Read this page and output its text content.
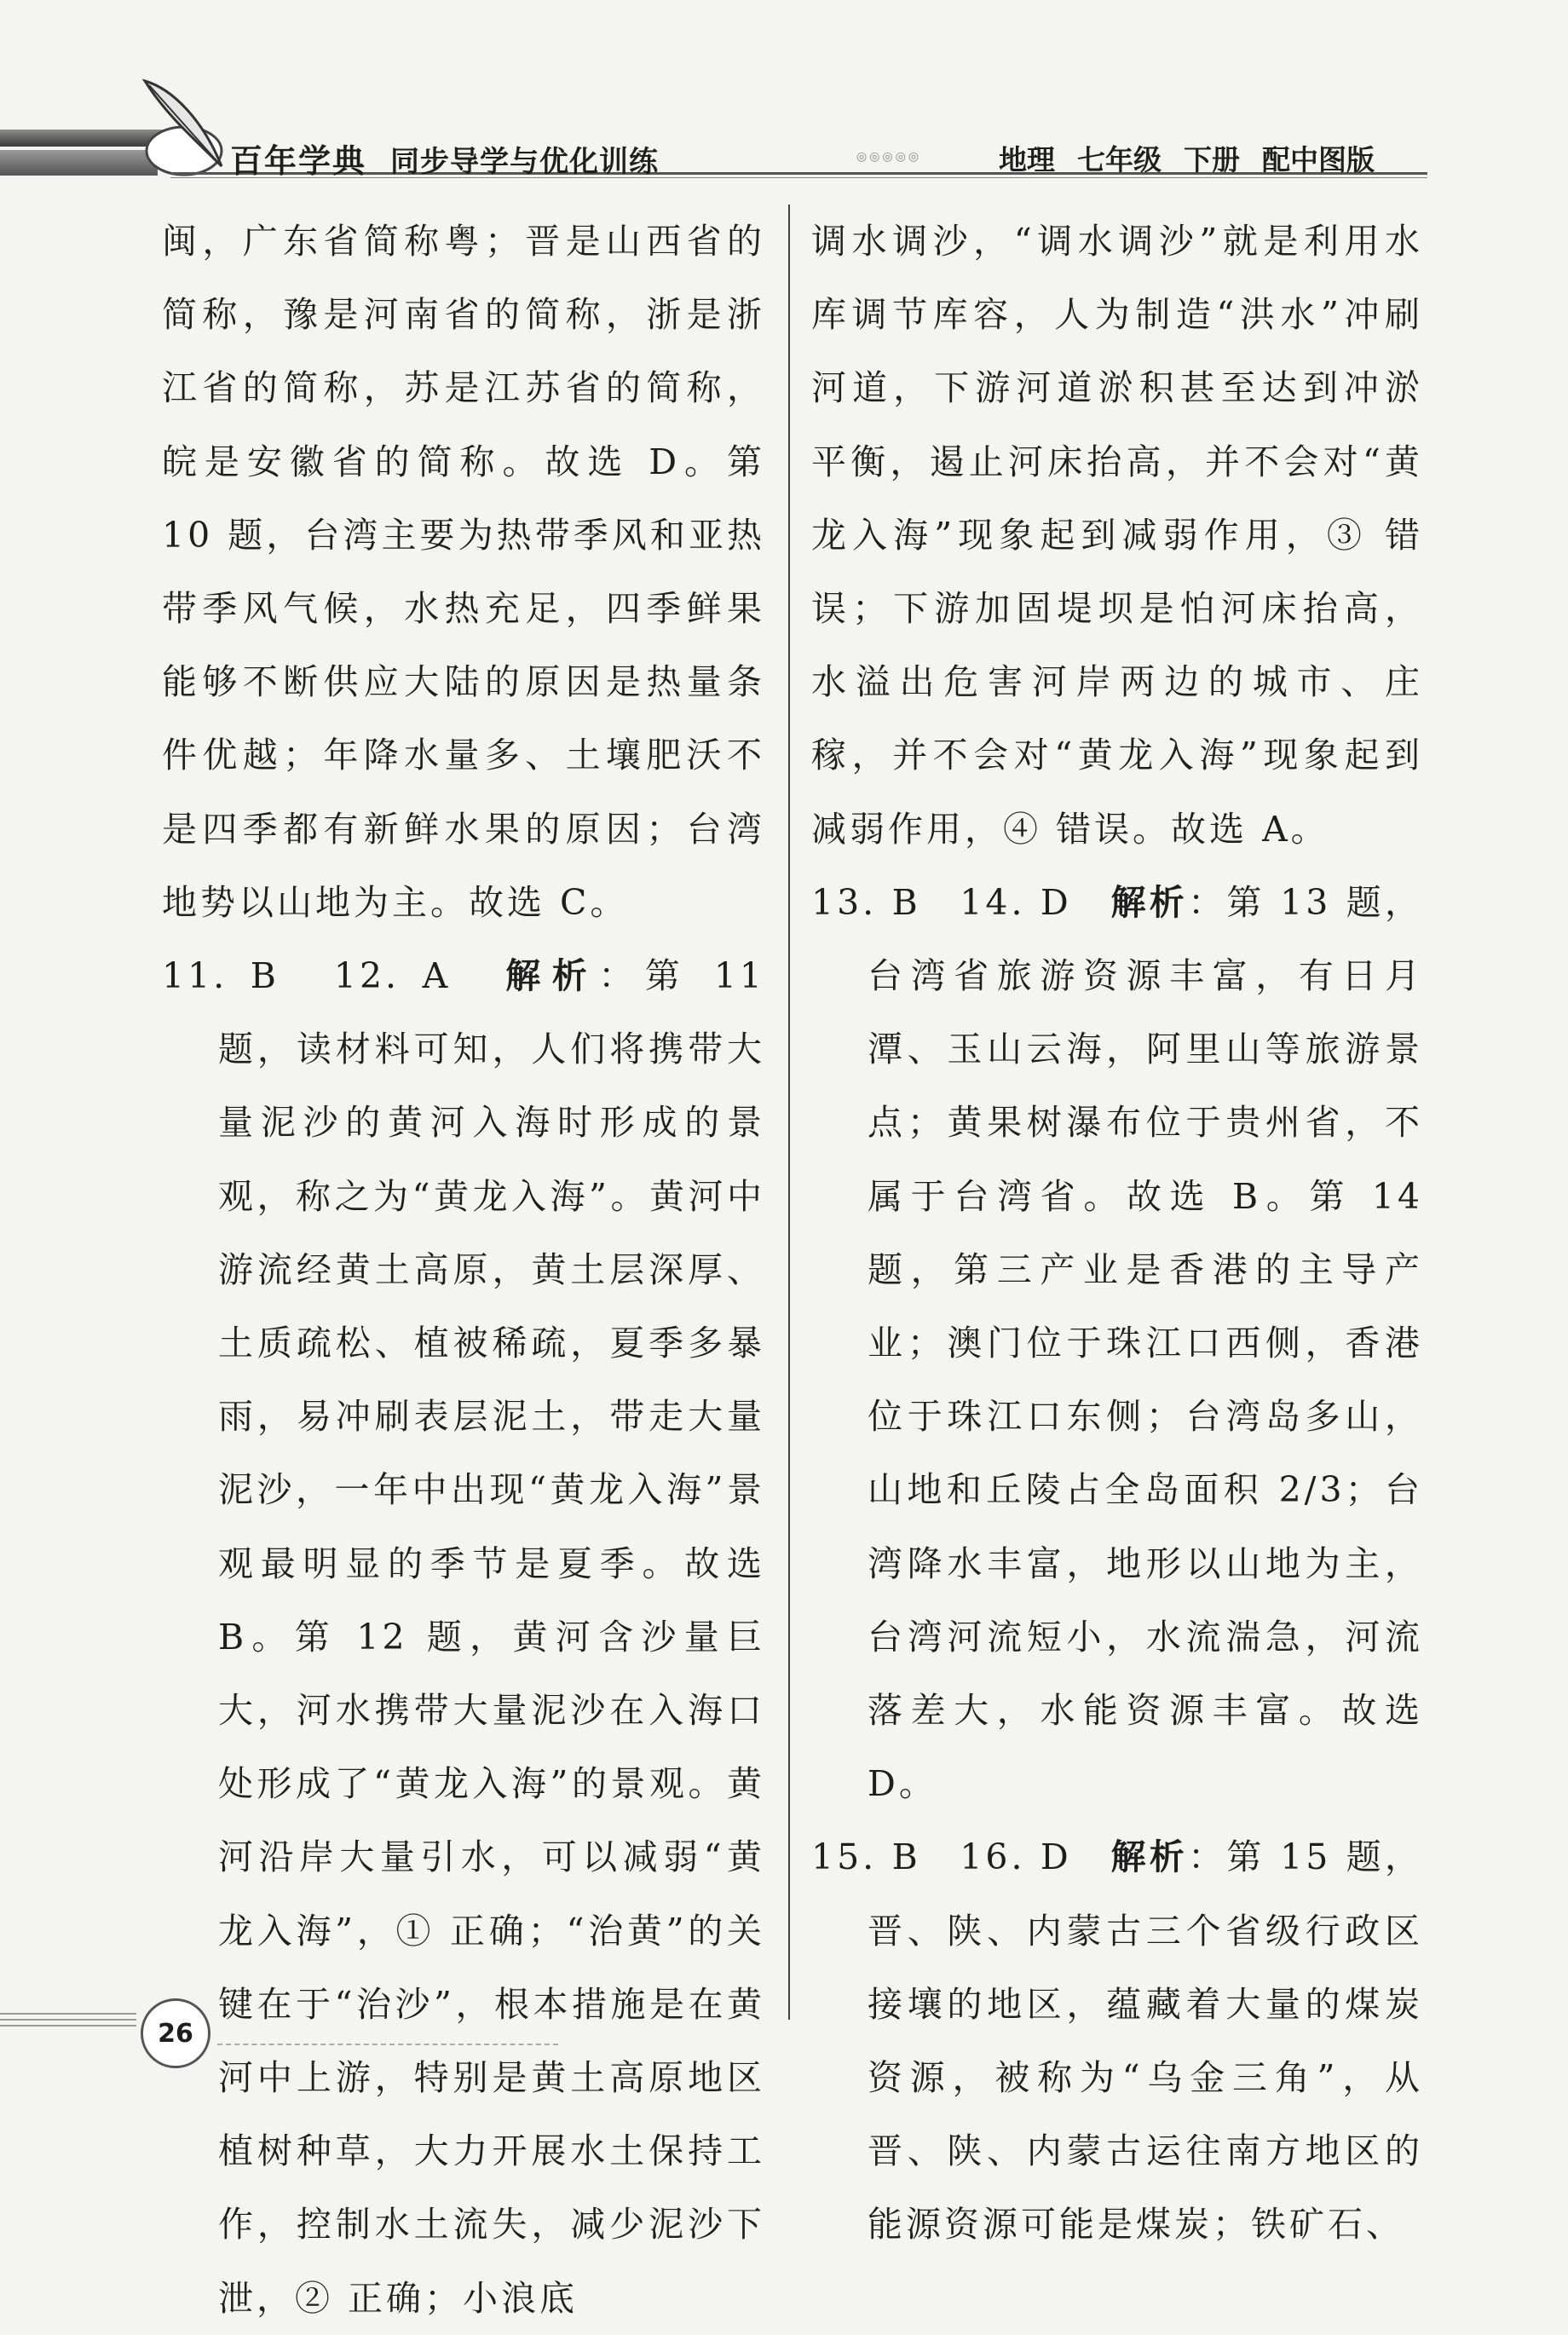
百年学典 同步导学与优化训练	◎◎◎◎◎	地理 七年级 下册 配中图版

闽，广东省简称粤；晋是山西省的简称，豫是河南省的简称，浙是浙江省的简称，苏是江苏省的简称，皖是安徽省的简称。故选 D。第 10 题，台湾主要为热带季风和亚热带季风气候，水热充足，四季鲜果能够不断供应大陆的原因是热量条件优越；年降水量多、土壤肥沃不是四季都有新鲜水果的原因；台湾地势以山地为主。故选 C。

11. B　12. A　解析：第 11 题，读材料可知，人们将携带大量泥沙的黄河入海时形成的景观，称之为“黄龙入海”。黄河中游流经黄土高原，黄土层深厚、土质疏松、植被稀疏，夏季多暴雨，易冲刷表层泥土，带走大量泥沙，一年中出现“黄龙入海”景观最明显的季节是夏季。故选 B。第 12 题，黄河含沙量巨大，河水携带大量泥沙在入海口处形成了“黄龙入海”的景观。黄河沿岸大量引水，可以减弱“黄龙入海”，① 正确；“治黄”的关键在于“治沙”，根本措施是在黄河中上游，特别是黄土高原地区植树种草，大力开展水土保持工作，控制水土流失，减少泥沙下泄，② 正确；小浪底

调水调沙，“调水调沙”就是利用水库调节库容，人为制造“洪水”冲刷河道，下游河道淤积甚至达到冲淤平衡，遏止河床抬高，并不会对“黄龙入海”现象起到减弱作用，③ 错误；下游加固堤坝是怕河床抬高，水溢出危害河岸两边的城市、庄稼，并不会对“黄龙入海”现象起到减弱作用，④ 错误。故选 A。

13. B　14. D　解析：第 13 题，台湾省旅游资源丰富，有日月潭、玉山云海，阿里山等旅游景点；黄果树瀑布位于贵州省，不属于台湾省。故选 B。第 14 题，第三产业是香港的主导产业；澳门位于珠江口西侧，香港位于珠江口东侧；台湾岛多山，山地和丘陵占全岛面积 2/3；台湾降水丰富，地形以山地为主，台湾河流短小，水流湍急，河流落差大，水能资源丰富。故选 D。

15. B　16. D　解析：第 15 题，晋、陕、内蒙古三个省级行政区接壤的地区，蕴藏着大量的煤炭资源，被称为“乌金三角”，从晋、陕、内蒙古运往南方地区的能源资源可能是煤炭；铁矿石、

26
